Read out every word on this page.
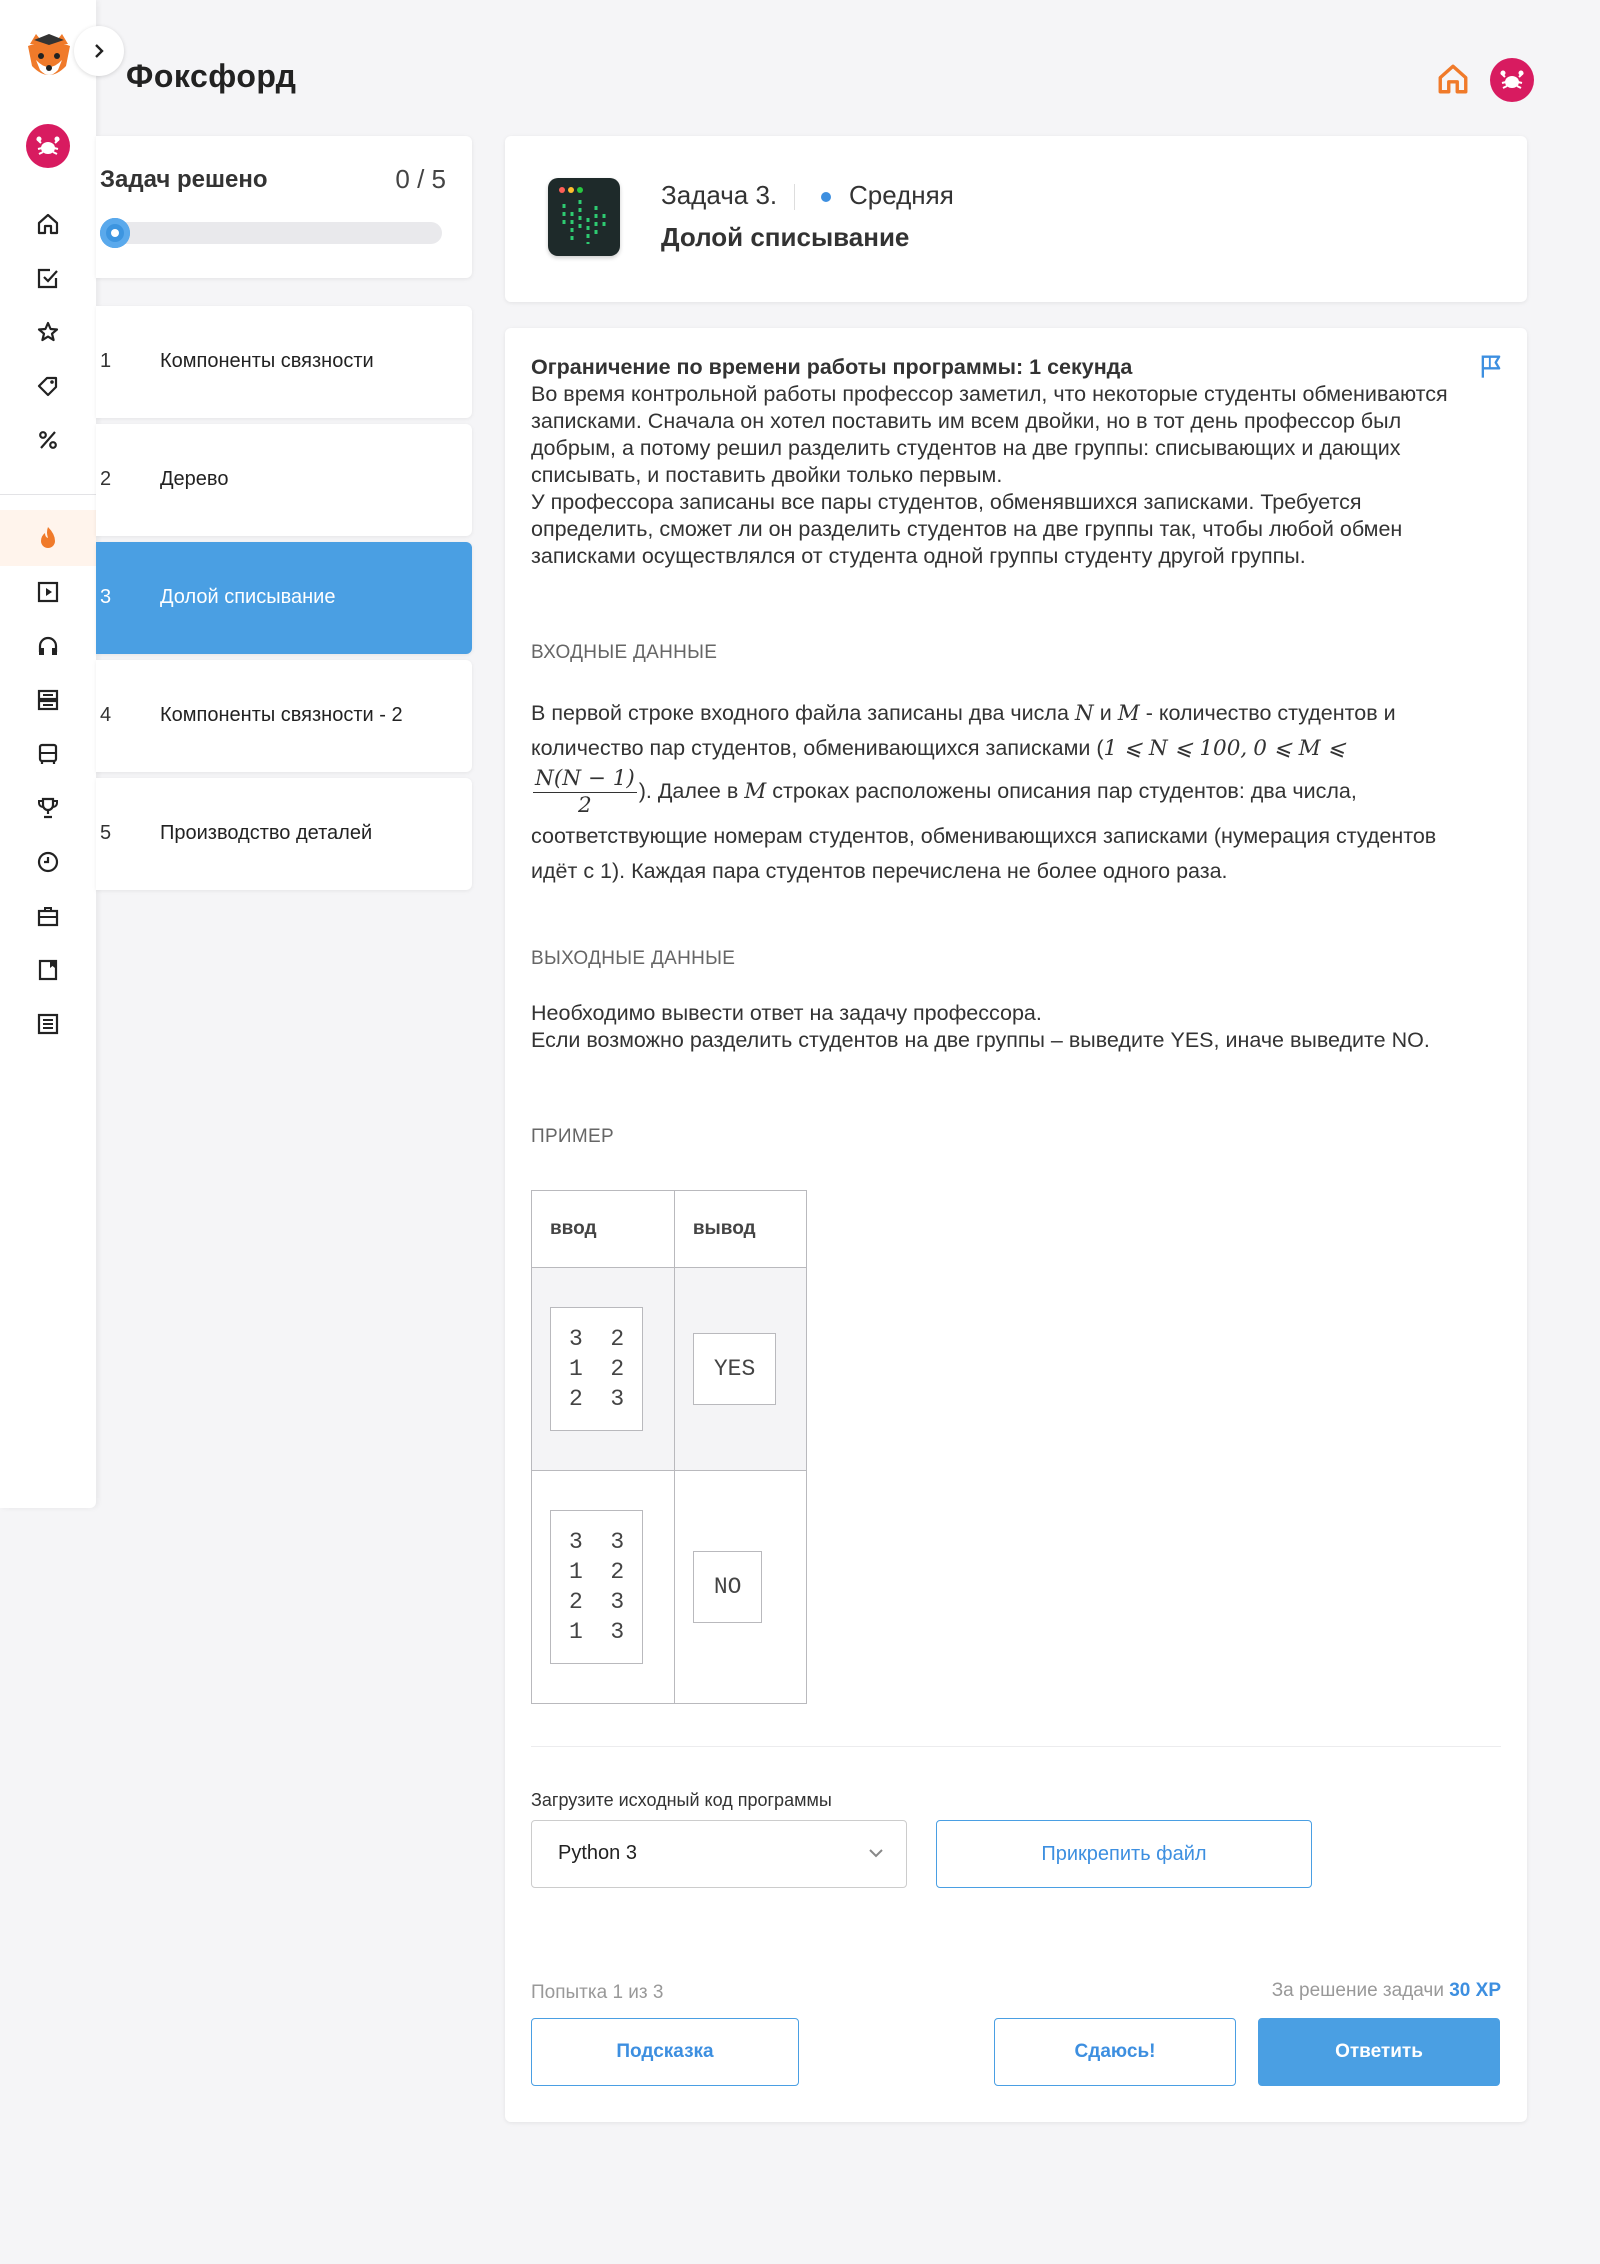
Фоксфорд
Задач решено	0 / 5
1 Компоненты связности
2 Дерево
3 Долой списывание
4 Компоненты связности - 2
5 Производство деталей
Задача 3.	Средняя
Долой списывание
Ограничение по времени работы программы: 1 секунда
Во время контрольной работы профессор заметил, что некоторые студенты обмениваются записками. Сначала он хотел поставить им всем двойки, но в тот день профессор был добрым, а потому решил разделить студентов на две группы: списывающих и дающих списывать, и поставить двойки только первым.
У профессора записаны все пары студентов, обменявшихся записками. Требуется определить, сможет ли он разделить студентов на две группы так, чтобы любой обмен записками осуществлялся от студента одной группы студенту другой группы.
ВХОДНЫЕ ДАННЫЕ
В первой строке входного файла записаны два числа N и M - количество студентов и количество пар студентов, обменивающихся записками (1 ⩽ N ⩽ 100, 0 ⩽ M ⩽
$\frac{N(N - 1)}{2}$ ). Далее в M строках расположены описания пар студентов: два числа, соответствующие номерам студентов, обменивающихся записками (нумерация студентов идёт с 1). Каждая пара студентов перечислена не более одного раза.
ВЫХОДНЫЕ ДАННЫЕ
Необходимо вывести ответ на задачу профессора.
Если возможно разделить студентов на две группы – выведите YES, иначе выведите NO.
ПРИМЕР
ввод	вывод
3  2
1  2
2  3	YES
3  3
1  2
2  3
1  3	NO
Загрузите исходный код программы
Python 3	Прикрепить файл
Попытка 1 из 3	За решение задачи 30 XP
Подсказка	Сдаюсь!	Ответить
